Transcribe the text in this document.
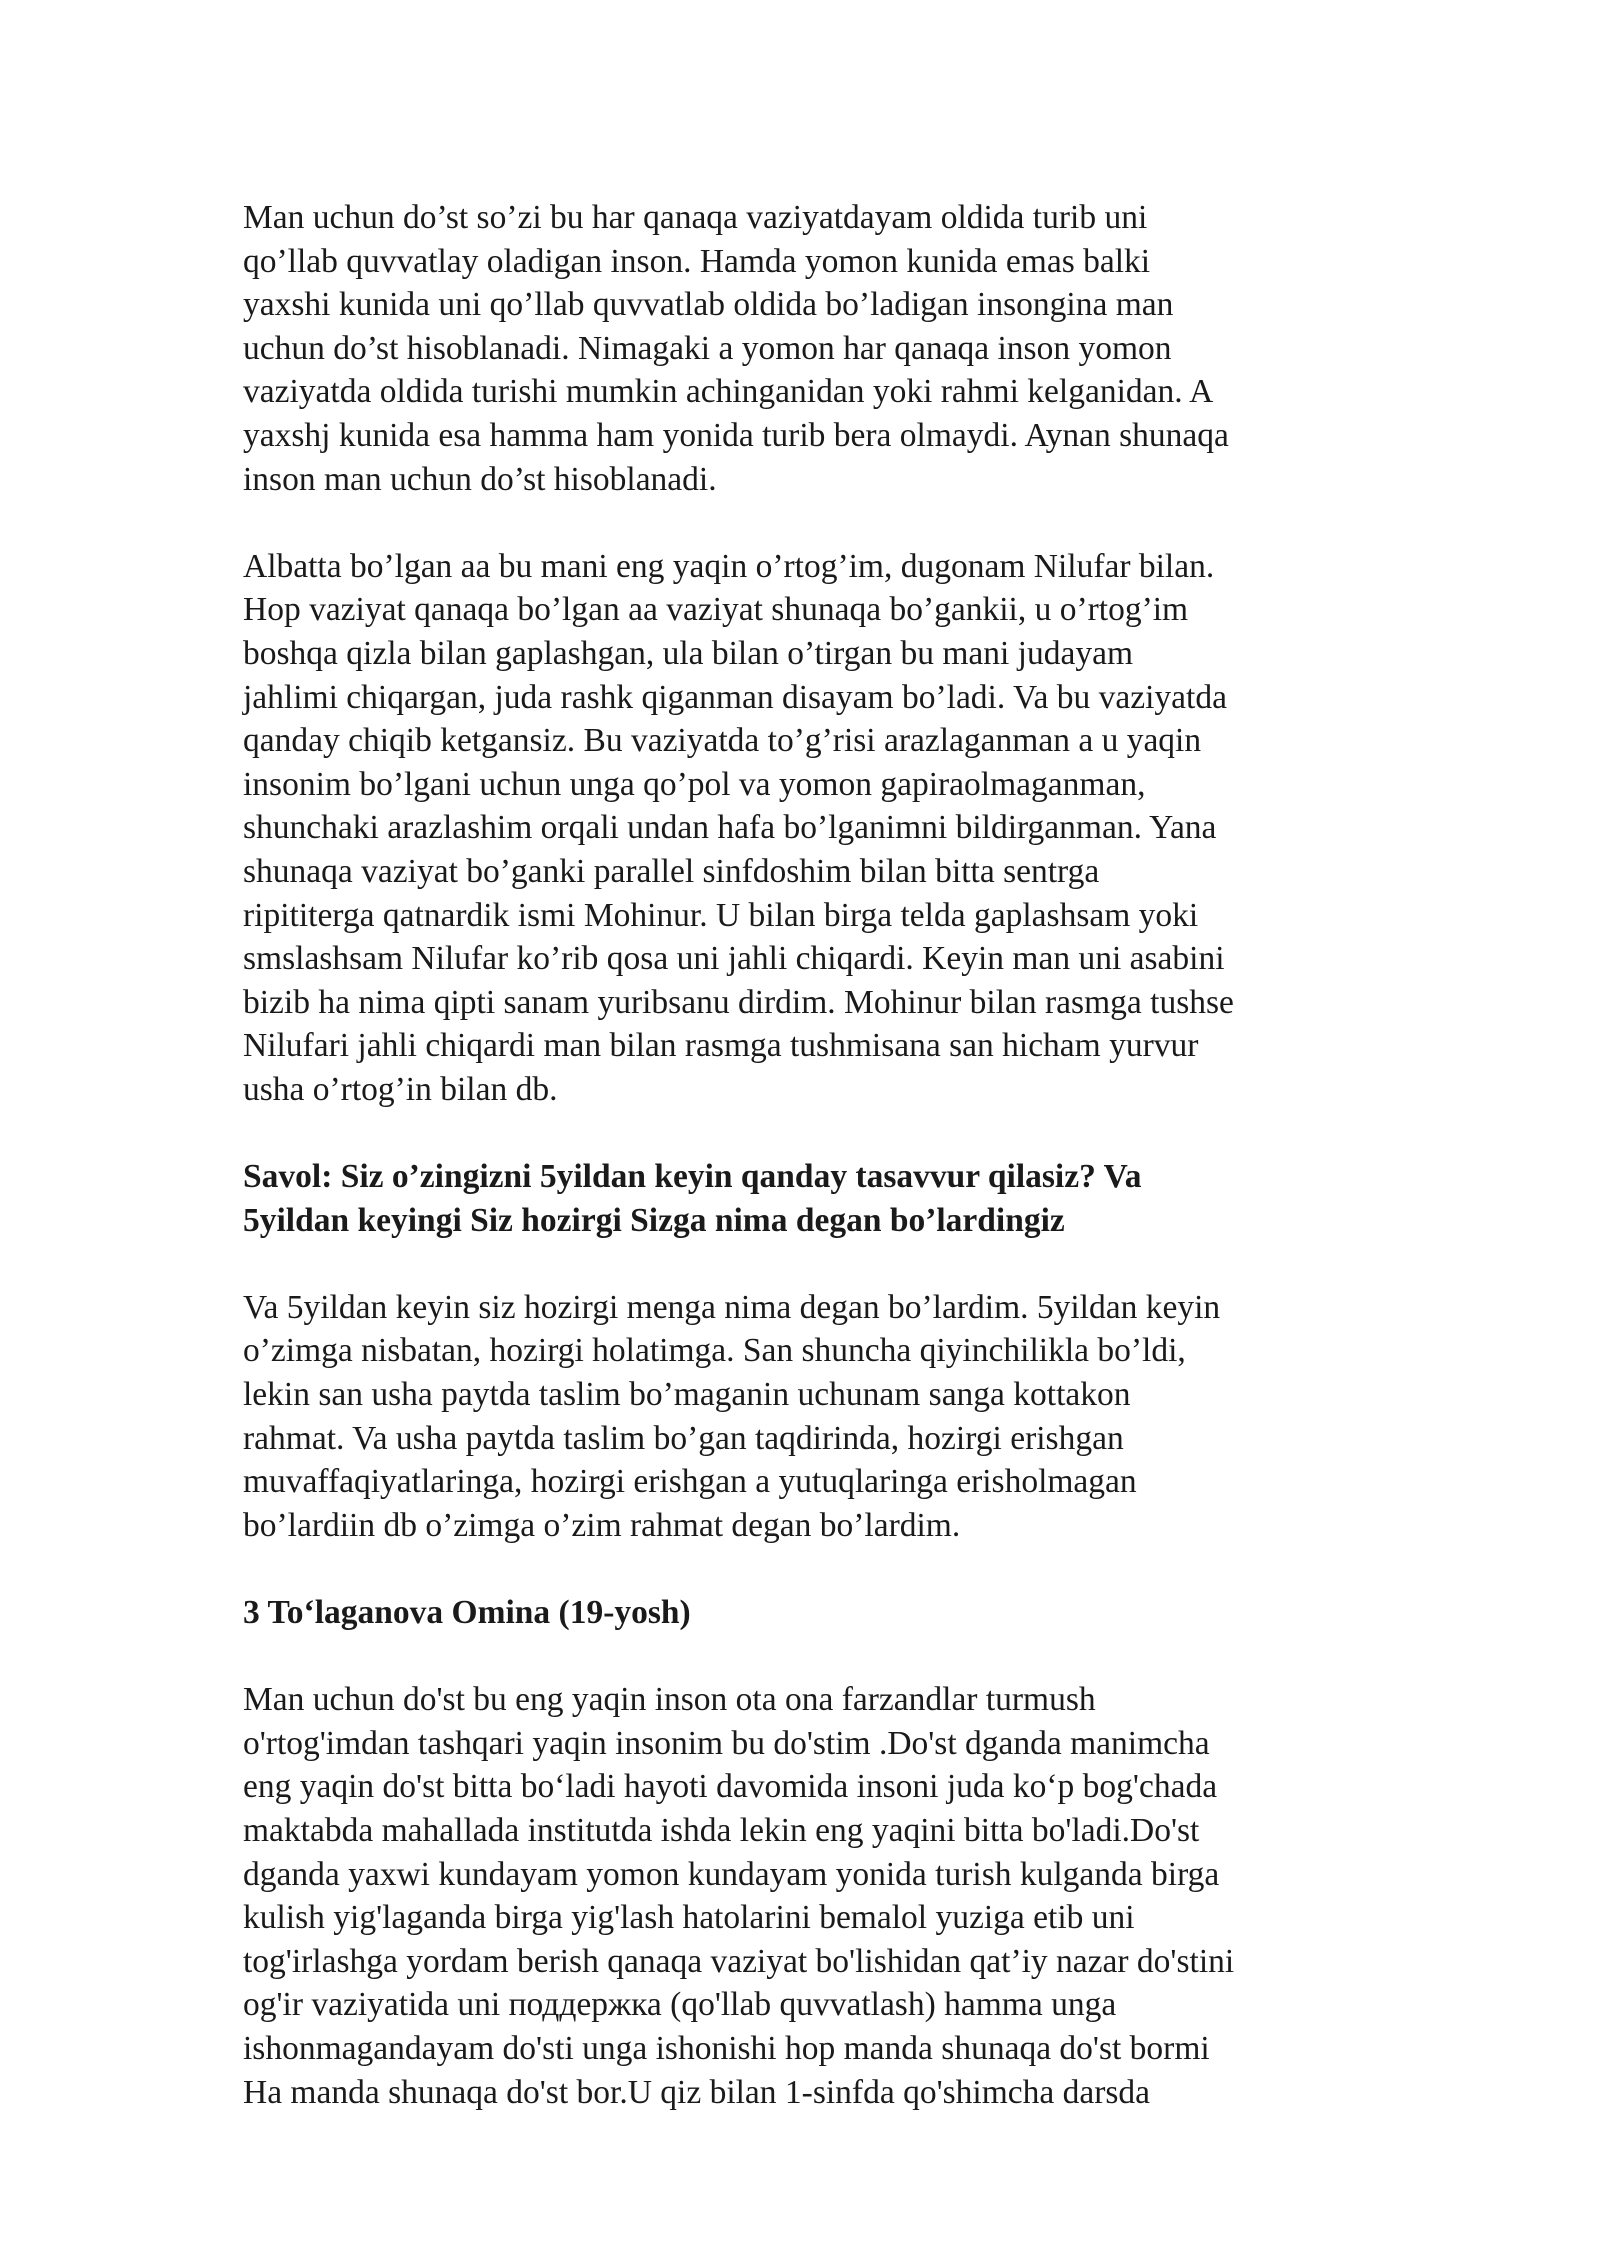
Man uchun do’st so’zi bu har qanaqa vaziyatdayam oldida turib uni
qo’llab quvvatlay oladigan inson. Hamda yomon kunida emas balki
yaxshi kunida uni qo’llab quvvatlab oldida bo’ladigan insongina man
uchun do’st hisoblanadi. Nimagaki a yomon har qanaqa inson yomon
vaziyatda oldida turishi mumkin achinganidan yoki rahmi kelganidan. A
yaxshj kunida esa hamma ham yonida turib bera olmaydi. Aynan shunaqa
inson man uchun do’st hisoblanadi.

Albatta bo’lgan aa bu mani eng yaqin o’rtog’im, dugonam Nilufar bilan.
Hop vaziyat qanaqa bo’lgan aa vaziyat shunaqa bo’gankii, u o’rtog’im
boshqa qizla bilan gaplashgan, ula bilan o’tirgan bu mani judayam
jahlimi chiqargan, juda rashk qiganman disayam bo’ladi. Va bu vaziyatda
qanday chiqib ketgansiz. Bu vaziyatda to’g’risi arazlaganman a u yaqin
insonim bo’lgani uchun unga qo’pol va yomon gapiraolmaganman,
shunchaki arazlashim orqali undan hafa bo’lganimni bildirganman. Yana
shunaqa vaziyat bo’ganki parallel sinfdoshim bilan bitta sentrga
ripititerga qatnardik ismi Mohinur. U bilan birga telda gaplashsam yoki
smslashsam Nilufar ko’rib qosa uni jahli chiqardi. Keyin man uni asabini
bizib ha nima qipti sanam yuribsanu dirdim. Mohinur bilan rasmga tushse
Nilufari jahli chiqardi man bilan rasmga tushmisana san hicham yurvur
usha o’rtog’in bilan db.

Savol: Siz o’zingizni 5yildan keyin qanday tasavvur qilasiz? Va
5yildan keyingi Siz hozirgi Sizga nima degan bo’lardingiz

Va 5yildan keyin siz hozirgi menga nima degan bo’lardim. 5yildan keyin
o’zimga nisbatan, hozirgi holatimga. San shuncha qiyinchilikla bo’ldi,
lekin san usha paytda taslim bo’maganin uchunam sanga kottakon
rahmat. Va usha paytda taslim bo’gan taqdirinda, hozirgi erishgan
muvaffaqiyatlaringa, hozirgi erishgan a yutuqlaringa erisholmagan
bo’lardiin db o’zimga o’zim rahmat degan bo’lardim.

3 To‘laganova Omina (19-yosh)

Man uchun do'st bu eng yaqin inson ota ona farzandlar turmush
o'rtog'imdan tashqari yaqin insonim bu do'stim .Do'st dganda manimcha
eng yaqin do'st bitta bo‘ladi hayoti davomida insoni juda ko‘p bog'chada
maktabda mahallada institutda ishda lekin eng yaqini bitta bo'ladi.Do'st
dganda yaxwi kundayam yomon kundayam yonida turish kulganda birga
kulish yig'laganda birga yig'lash hatolarini bemalol yuziga etib uni
tog'irlashga yordam berish qanaqa vaziyat bo'lishidan qat’iy nazar do'stini
og'ir vaziyatida uni поддержка (qo'llab quvvatlash) hamma unga
ishonmagandayam do'sti unga ishonishi hop manda shunaqa do'st bormi
Ha manda shunaqa do'st bor.U qiz bilan 1-sinfda qo'shimcha darsda
